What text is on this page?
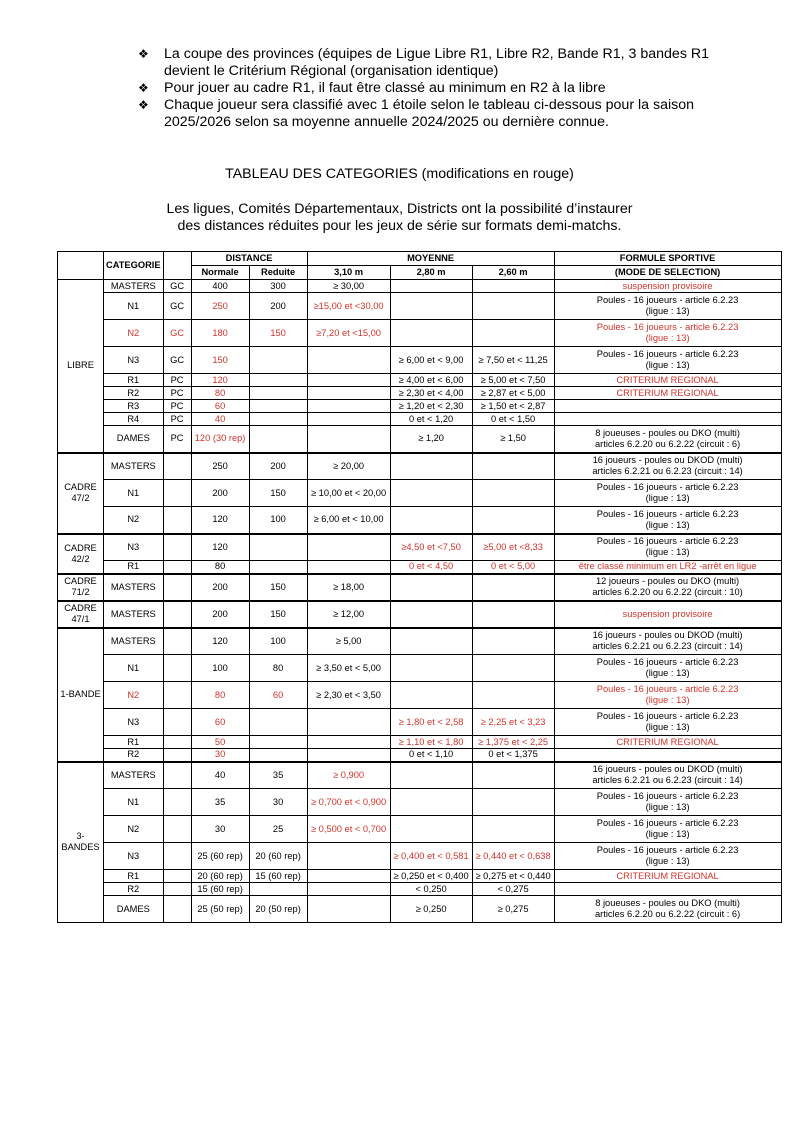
❖ La coupe des provinces (équipes de Ligue Libre R1, Libre R2, Bande R1, 3 bandes R1
devient le Critérium Régional (organisation identique)
❖ Pour jouer au cadre R1, il faut être classé au minimum en R2 à la libre
❖ Chaque joueur sera classifié avec 1 étoile selon le tableau ci-dessous pour la saison
2025/2026 selon sa moyenne annuelle 2024/2025 ou dernière connue.
TABLEAU DES CATEGORIES (modifications en rouge)
Les ligues, Comités Départementaux, Districts ont la possibilité d’instaurer
des distances réduites pour les jeux de série sur formats demi-matchs.
	CATEGORIE		DISTANCE		MOYENNE			FORMULE SPORTIVE
			Normale	Reduite	3,10 m	2,80 m	2,60 m	(MODE DE SELECTION)
LIBRE	MASTERS	GC	400	300	≥ 30,00			suspension provisoire

	N1	GC	250	200	≥15,00 et <30,00			Poules - 16 joueurs - article 6.2.23
(ligue : 13)

	N2	GC	180	150	≥7,20 et <15,00			Poules - 16 joueurs - article 6.2.23
(ligue : 13)

	N3	GC	150			≥ 6,00 et < 9,00	≥ 7,50 et < 11,25	Poules - 16 joueurs - article 6.2.23
(ligue : 13)

	R1	PC	120			≥ 4,00 et < 6,00	≥ 5,00 et < 7,50	CRITERIUM REGIONAL

	R2	PC	80			≥ 2,30 et < 4,00	≥ 2,87 et < 5,00	CRITERIUM REGIONAL

	R3	PC	60			≥ 1,20 et < 2,30	≥ 1,50 et < 2,87	

	R4	PC	40			0 et < 1,20	0 et < 1,50	

	DAMES	PC	120 (30 rep)			≥ 1,20	≥ 1,50	8 joueuses - poules ou DKO (multi)
articles 6.2.20 ou 6.2.22 (circuit : 6)

CADRE 47/2	MASTERS		250	200	≥ 20,00			16 joueurs - poules ou DKOD (multi)
articles 6.2.21 ou 6.2.23 (circuit : 14)

	N1		200	150	≥ 10,00 et < 20,00			Poules - 16 joueurs - article 6.2.23
(ligue : 13)

	N2		120	100	≥ 6,00 et < 10,00			Poules - 16 joueurs - article 6.2.23
(ligue : 13)

CADRE 42/2	N3		120			≥4,50 et <7,50	≥5,00 et <8,33	Poules - 16 joueurs - article 6.2.23
(ligue : 13)

	R1		80			0 et < 4,50	0 et < 5,00	être classé minimum en LR2 -arrêt en ligue

CADRE 71/2	MASTERS		200	150	≥ 18,00			12 joueurs - poules ou DKO (multi)
articles 6.2.20 ou 6.2.22 (circuit : 10)

CADRE 47/1	MASTERS		200	150	≥ 12,00			suspension provisoire

1-BANDE	MASTERS		120	100	≥ 5,00			16 joueurs - poules ou DKOD (multi)
articles 6.2.21 ou 6.2.23 (circuit : 14)

	N1		100	80	≥ 3,50 et < 5,00			Poules - 16 joueurs - article 6.2.23
(ligue : 13)

	N2		80	60	≥ 2,30 et < 3,50			Poules - 16 joueurs - article 6.2.23
(ligue : 13)

	N3		60			≥ 1,80 et < 2,58	≥ 2,25 et < 3,23	Poules - 16 joueurs - article 6.2.23
(ligue : 13)

	R1		50			≥ 1,10 et < 1,80	≥ 1,375 et < 2,25	CRITERIUM REGIONAL

	R2		30			0 et < 1,10	0 et < 1,375	

3- BANDES	MASTERS		40	35	≥ 0,900			16 joueurs - poules ou DKOD (multi)
articles 6.2.21 ou 6.2.23 (circuit : 14)

	N1		35	30	≥ 0,700 et < 0,900			Poules - 16 joueurs - article 6.2.23
(ligue : 13)

	N2		30	25	≥ 0,500 et < 0,700			Poules - 16 joueurs - article 6.2.23
(ligue : 13)

	N3		25 (60 rep)	20 (60 rep)		≥ 0,400 et < 0,581	≥ 0,440 et < 0,638	Poules - 16 joueurs - article 6.2.23
(ligue : 13)

	R1		20 (60 rep)	15 (60 rep)		≥ 0,250 et < 0,400	≥ 0,275 et < 0,440	CRITERIUM REGIONAL

	R2		15 (60 rep)			< 0,250	< 0,275	

	DAMES		25 (50 rep)	20 (50 rep)		≥ 0,250	≥ 0,275	8 joueuses - poules ou DKO (multi)
articles 6.2.20 ou 6.2.22 (circuit : 6)
